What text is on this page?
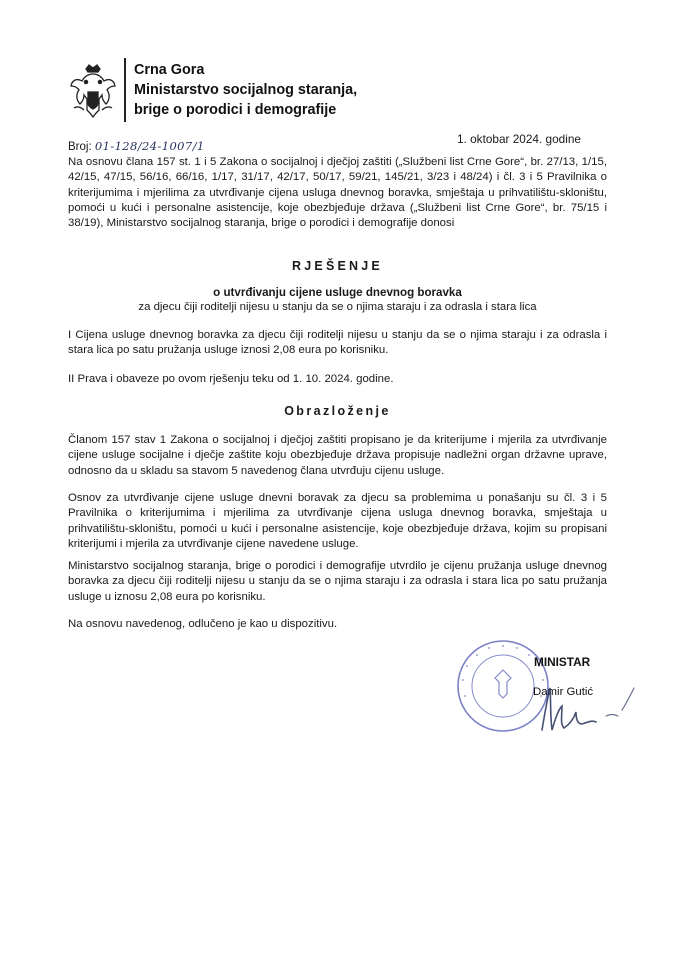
Crna Gora
Ministarstvo socijalnog staranja,
brige o porodici i demografije
Broj: 01-128/24-1007/1	1. oktobar 2024. godine

Na osnovu člana 157 st. 1 i 5 Zakona o socijalnoj i dječjoj zaštiti („Službeni list Crne Gore“, br. 27/13, 1/15, 42/15, 47/15, 56/16, 66/16, 1/17, 31/17, 42/17, 50/17, 59/21, 145/21, 3/23 i 48/24) i čl. 3 i 5 Pravilnika o kriterijumima i mjerilima za utvrđivanje cijena usluga dnevnog boravka, smještaja u prihvatilištu-skloništu, pomoći u kući i personalne asistencije, koje obezbjeđuje država („Službeni list Crne Gore“, br. 75/15 i 38/19), Ministarstvo socijalnog staranja, brige o porodici i demografije donosi

RJEŠENJE
o utvrđivanju cijene usluge dnevnog boravka
za djecu čiji roditelji nijesu u stanju da se o njima staraju i za odrasla i stara lica

I Cijena usluge dnevnog boravka za djecu čiji roditelji nijesu u stanju da se o njima staraju i za odrasla i stara lica po satu pružanja usluge iznosi 2,08 eura po korisniku.

II Prava i obaveze po ovom rješenju teku od 1. 10. 2024. godine.

Obrazloženje

Članom 157 stav 1 Zakona o socijalnoj i dječjoj zaštiti propisano je da kriterijume i mjerila za utvrđivanje cijene usluge socijalne i dječje zaštite koju obezbjeđuje država propisuje nadležni organ državne uprave, odnosno da u skladu sa stavom 5 navedenog člana utvrđuju cijenu usluge.

Osnov za utvrđivanje cijene usluge dnevni boravak za djecu sa problemima u ponašanju su čl. 3 i 5 Pravilnika o kriterijumima i mjerilima za utvrđivanje cijena usluga dnevnog boravka, smještaja u prihvatilištu-skloništu, pomoći u kući i personalne asistencije, koje obezbjeđuje država, kojim su propisani kriterijumi i mjerila za utvrđivanje cijene navedene usluge.

Ministarstvo socijalnog staranja, brige o porodici i demografije utvrdilo je cijenu pružanja usluge dnevnog boravka za djecu čiji roditelji nijesu u stanju da se o njima staraju i za odrasla i stara lica po satu pružanja usluge u iznosu 2,08 eura po korisniku.

Na osnovu navedenog, odlučeno je kao u dispozitivu.

MINISTAR
Damir Gutić
